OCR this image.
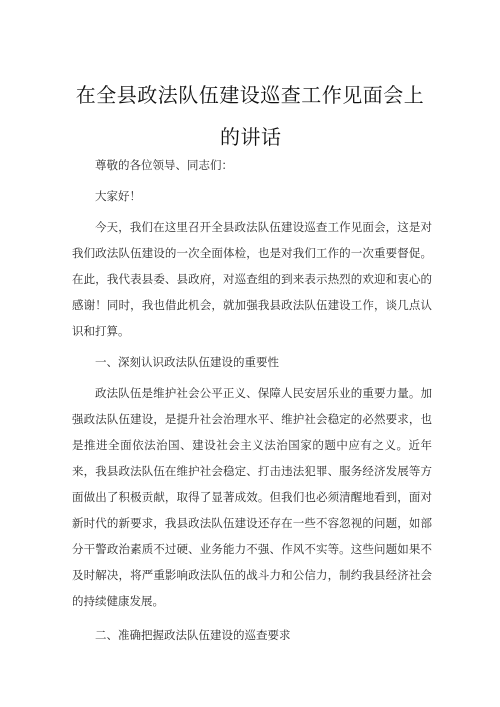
在全县政法队伍建设巡查工作见面会上
的讲话

尊敬的各位领导、同志们：

大家好！

今天，我们在这里召开全县政法队伍建设巡查工作见面会，这是对我们政法队伍建设的一次全面体检，也是对我们工作的一次重要督促。在此，我代表县委、县政府，对巡查组的到来表示热烈的欢迎和衷心的感谢！同时，我也借此机会，就加强我县政法队伍建设工作，谈几点认识和打算。

一、深刻认识政法队伍建设的重要性

政法队伍是维护社会公平正义、保障人民安居乐业的重要力量。加强政法队伍建设，是提升社会治理水平、维护社会稳定的必然要求，也是推进全面依法治国、建设社会主义法治国家的题中应有之义。近年来，我县政法队伍在维护社会稳定、打击违法犯罪、服务经济发展等方面做出了积极贡献，取得了显著成效。但我们也必须清醒地看到，面对新时代的新要求，我县政法队伍建设还存在一些不容忽视的问题，如部分干警政治素质不过硬、业务能力不强、作风不实等。这些问题如果不及时解决，将严重影响政法队伍的战斗力和公信力，制约我县经济社会的持续健康发展。

二、准确把握政法队伍建设的巡查要求
